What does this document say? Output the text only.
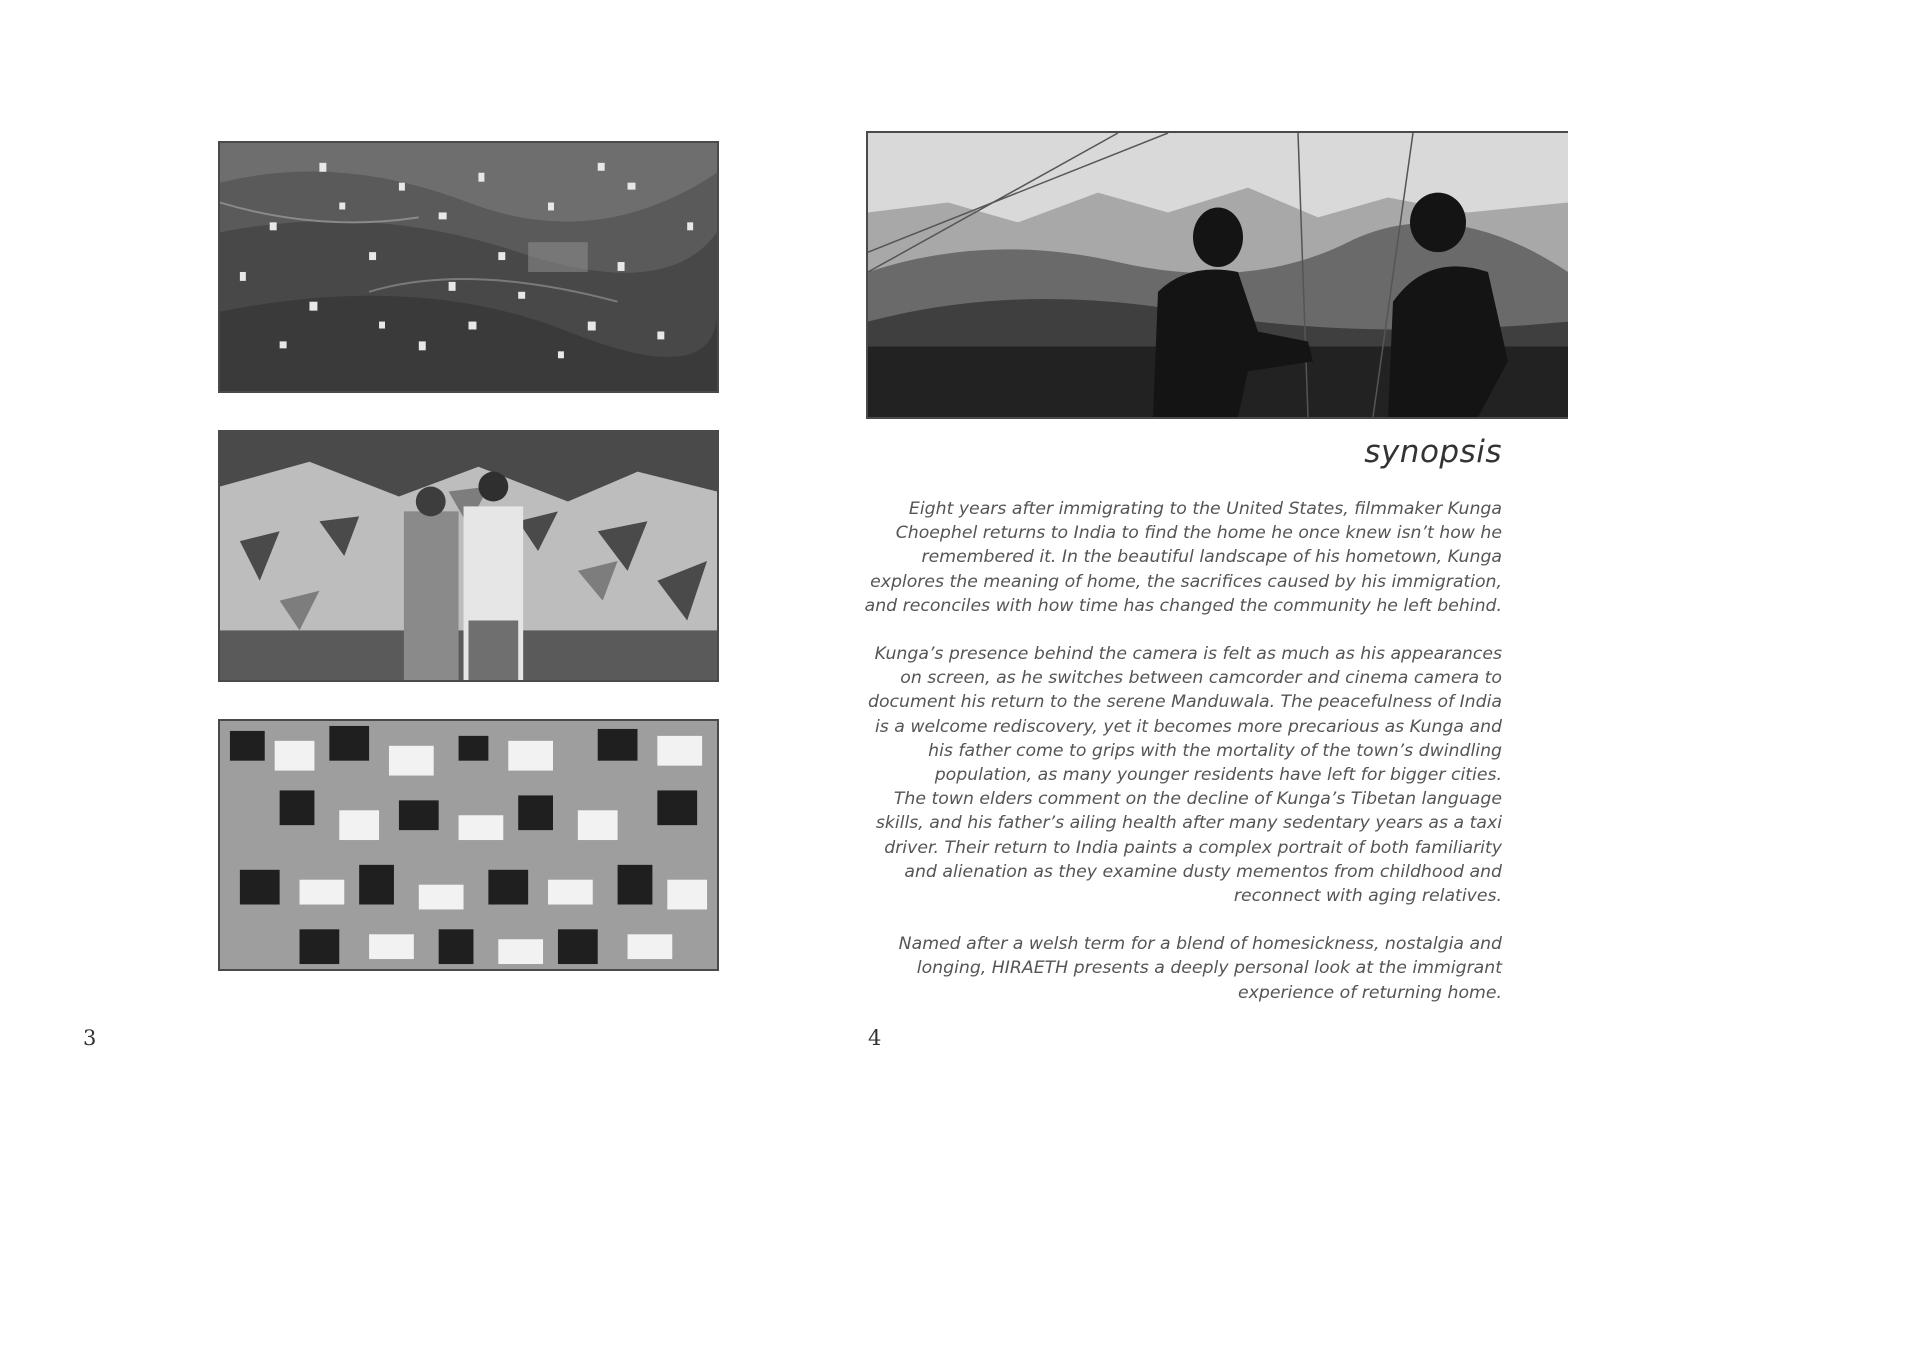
synopsis

Eight years after immigrating to the United States, filmmaker Kunga Choephel returns to India to find the home he once knew isn’t how he remembered it. In the beautiful landscape of his hometown, Kunga explores the meaning of home, the sacrifices caused by his immigration, and reconciles with how time has changed the community he left behind.

Kunga’s presence behind the camera is felt as much as his appearances on screen, as he switches between camcorder and cinema camera to document his return to the serene Manduwala. The peacefulness of India is a welcome rediscovery, yet it becomes more precarious as Kunga and his father come to grips with the mortality of the town’s dwindling population, as many younger residents have left for bigger cities.

The town elders comment on the decline of Kunga’s Tibetan language skills, and his father’s ailing health after many sedentary years as a taxi driver. Their return to India paints a complex portrait of both familiarity and alienation as they examine dusty mementos from childhood and reconnect with aging relatives.

Named after a welsh term for a blend of homesickness, nostalgia and longing, HIRAETH presents a deeply personal look at the immigrant experience of returning home.

3	4
